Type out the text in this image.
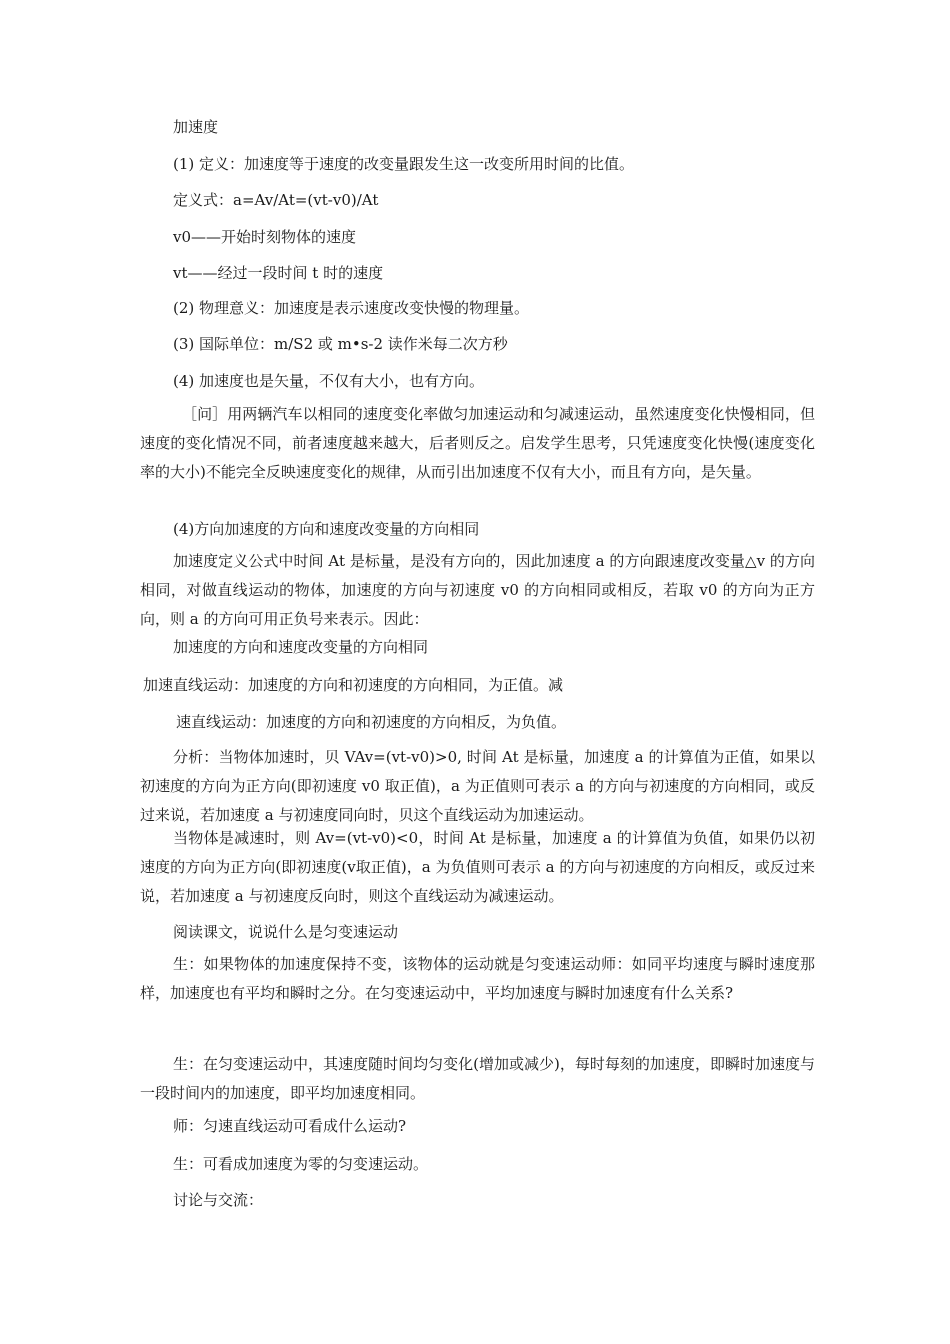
加速度
(1) 定义：加速度等于速度的改变量跟发生这一改变所用时间的比值。
定义式：a=Av/At=(vt-v0)/At
v0——开始时刻物体的速度
vt——经过一段时间 t 时的速度
(2) 物理意义：加速度是表示速度改变快慢的物理量。
(3) 国际单位：m/S2 或 m•s-2 读作米每二次方秒
(4) 加速度也是矢量，不仅有大小，也有方向。
［问］用两辆汽车以相同的速度变化率做匀加速运动和匀减速运动，虽然速度变化快慢相同，但速度的变化情况不同，前者速度越来越大，后者则反之。启发学生思考，只凭速度变化快慢(速度变化率的大小)不能完全反映速度变化的规律，从而引出加速度不仅有大小，而且有方向，是矢量。
(4)方向加速度的方向和速度改变量的方向相同
加速度定义公式中时间 At 是标量，是没有方向的，因此加速度 a 的方向跟速度改变量△v 的方向相同，对做直线运动的物体，加速度的方向与初速度 v0 的方向相同或相反，若取 v0 的方向为正方向，则 a 的方向可用正负号来表示。因此：
加速度的方向和速度改变量的方向相同
加速直线运动：加速度的方向和初速度的方向相同，为正值。减
速直线运动：加速度的方向和初速度的方向相反，为负值。
分析：当物体加速时，贝 VAv=(vt-v0)>0, 时间 At 是标量，加速度 a 的计算值为正值，如果以初速度的方向为正方向(即初速度 v0 取正值)，a 为正值则可表示 a 的方向与初速度的方向相同，或反过来说，若加速度 a 与初速度同向时，贝这个直线运动为加速运动。
当物体是减速时，则 Av=(vt-v0)<0，时间 At 是标量，加速度 a 的计算值为负值，如果仍以初速度的方向为正方向(即初速度(v取正值)，a 为负值则可表示 a 的方向与初速度的方向相反，或反过来说，若加速度 a 与初速度反向时，则这个直线运动为减速运动。
阅读课文，说说什么是匀变速运动
生：如果物体的加速度保持不变，该物体的运动就是匀变速运动师：如同平均速度与瞬时速度那样，加速度也有平均和瞬时之分。在匀变速运动中，平均加速度与瞬时加速度有什么关系?
生：在匀变速运动中，其速度随时间均匀变化(增加或减少)，每时每刻的加速度，即瞬时加速度与一段时间内的加速度，即平均加速度相同。
师：匀速直线运动可看成什么运动?
生：可看成加速度为零的匀变速运动。
讨论与交流：
